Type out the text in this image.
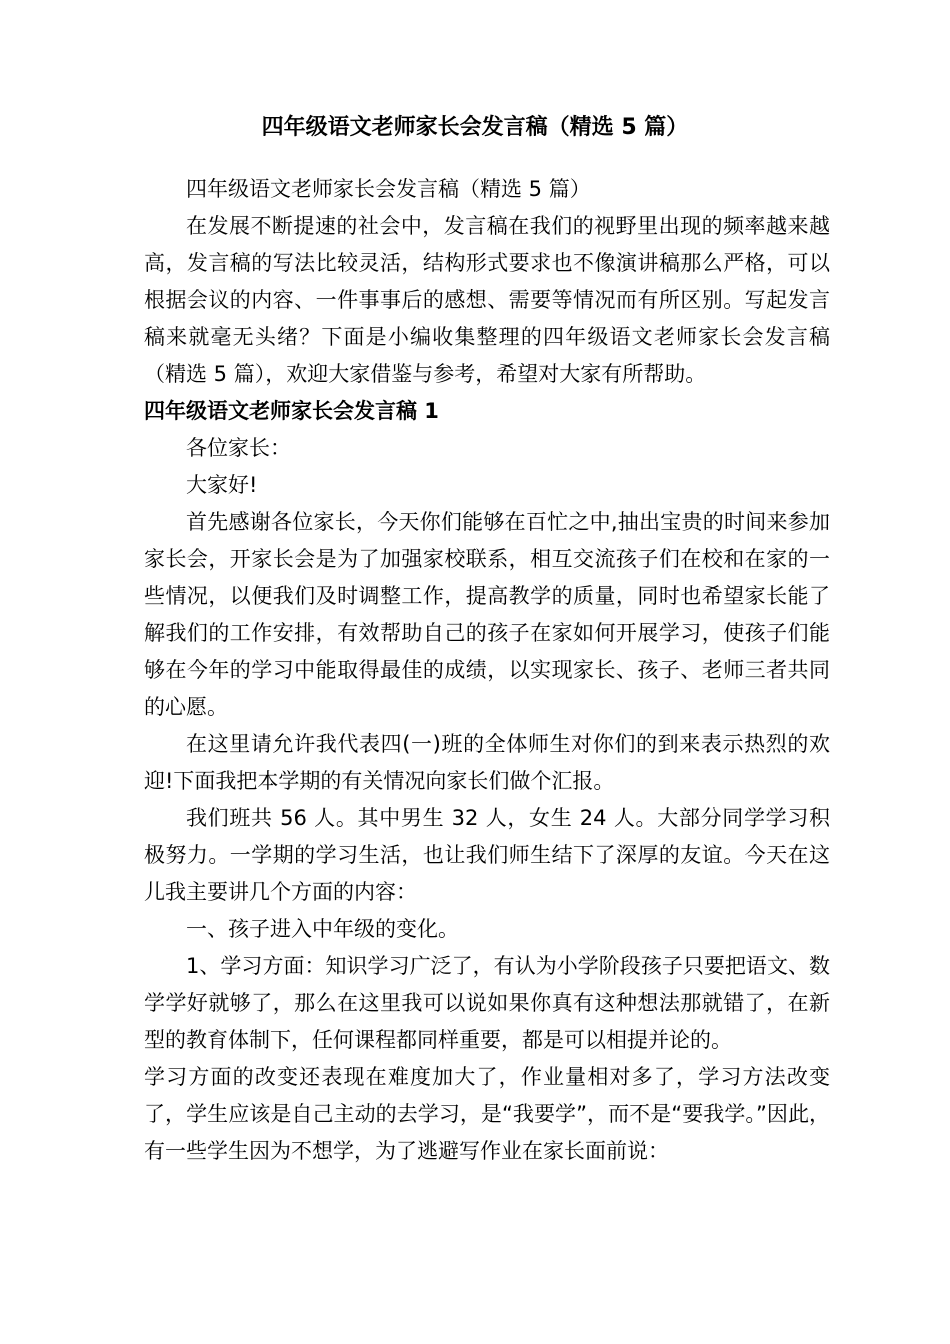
四年级语文老师家长会发言稿（精选 5 篇）

四年级语文老师家长会发言稿（精选 5 篇）

在发展不断提速的社会中，发言稿在我们的视野里出现的频率越来越高，发言稿的写法比较灵活，结构形式要求也不像演讲稿那么严格，可以根据会议的内容、一件事事后的感想、需要等情况而有所区别。写起发言稿来就毫无头绪？下面是小编收集整理的四年级语文老师家长会发言稿（精选 5 篇），欢迎大家借鉴与参考，希望对大家有所帮助。

四年级语文老师家长会发言稿 1

各位家长：

大家好!

首先感谢各位家长，今天你们能够在百忙之中,抽出宝贵的时间来参加家长会，开家长会是为了加强家校联系，相互交流孩子们在校和在家的一些情况，以便我们及时调整工作，提高教学的质量，同时也希望家长能了解我们的工作安排，有效帮助自己的孩子在家如何开展学习，使孩子们能够在今年的学习中能取得最佳的成绩，以实现家长、孩子、老师三者共同的心愿。

在这里请允许我代表四(一)班的全体师生对你们的到来表示热烈的欢迎!下面我把本学期的有关情况向家长们做个汇报。

我们班共 56 人。其中男生 32 人，女生 24 人。大部分同学学习积极努力。一学期的学习生活，也让我们师生结下了深厚的友谊。今天在这儿我主要讲几个方面的内容：

一、孩子进入中年级的变化。

1、学习方面：知识学习广泛了，有认为小学阶段孩子只要把语文、数学学好就够了，那么在这里我可以说如果你真有这种想法那就错了，在新型的教育体制下，任何课程都同样重要，都是可以相提并论的。

学习方面的改变还表现在难度加大了，作业量相对多了，学习方法改变了，学生应该是自己主动的去学习，是“我要学”，而不是“要我学。”因此，有一些学生因为不想学，为了逃避写作业在家长面前说：
